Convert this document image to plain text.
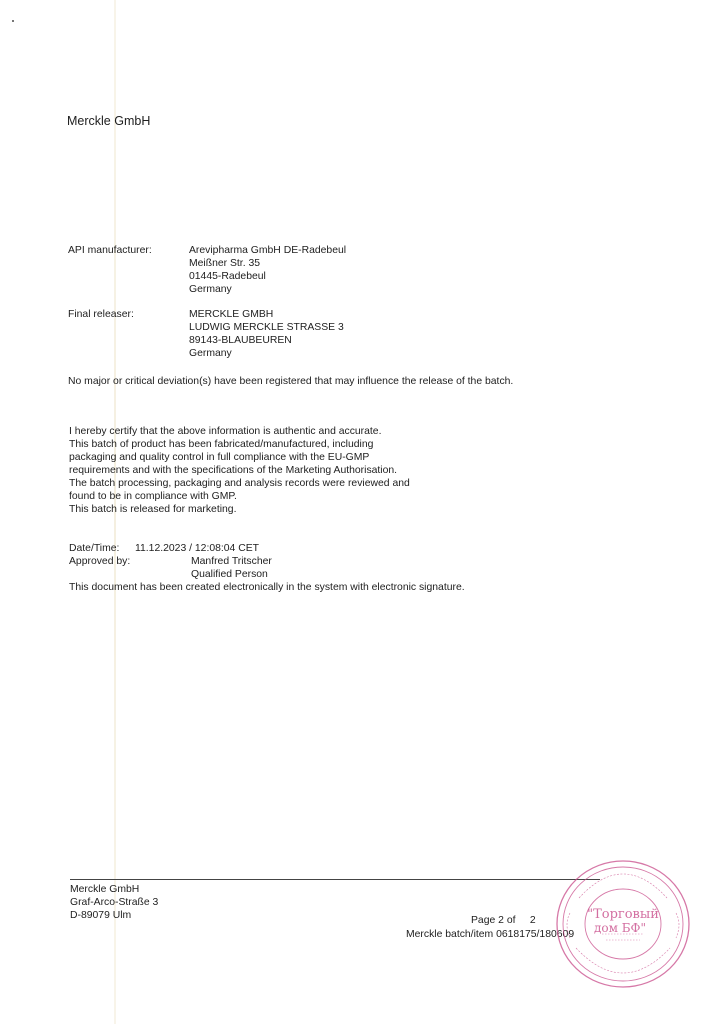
Merckle GmbH
API manufacturer:	Arevipharma GmbH DE-Radebeul
Meißner Str. 35
01445-Radebeul
Germany
Final releaser:	MERCKLE GMBH
LUDWIG MERCKLE STRASSE 3
89143-BLAUBEUREN
Germany
No major or critical deviation(s) have been registered that may influence the release of the batch.
I hereby certify that the above information is authentic and accurate.
This batch of product has been fabricated/manufactured, including
packaging and quality control in full compliance with the EU-GMP
requirements and with the specifications of the Marketing Authorisation.
The batch processing, packaging and analysis records were reviewed and
found to be in compliance with GMP.
This batch is released for marketing.
Date/Time: 11.12.2023 / 12:08:04 CET
Approved by:	Manfred Tritscher
Qualified Person
This document has been created electronically in the system with electronic signature.
Merckle GmbH
Graf-Arco-Straße 3
D-89079 Ulm	Page 2 of     2
Merckle batch/item 0618175/180609
"Торговый
дом БФ"
